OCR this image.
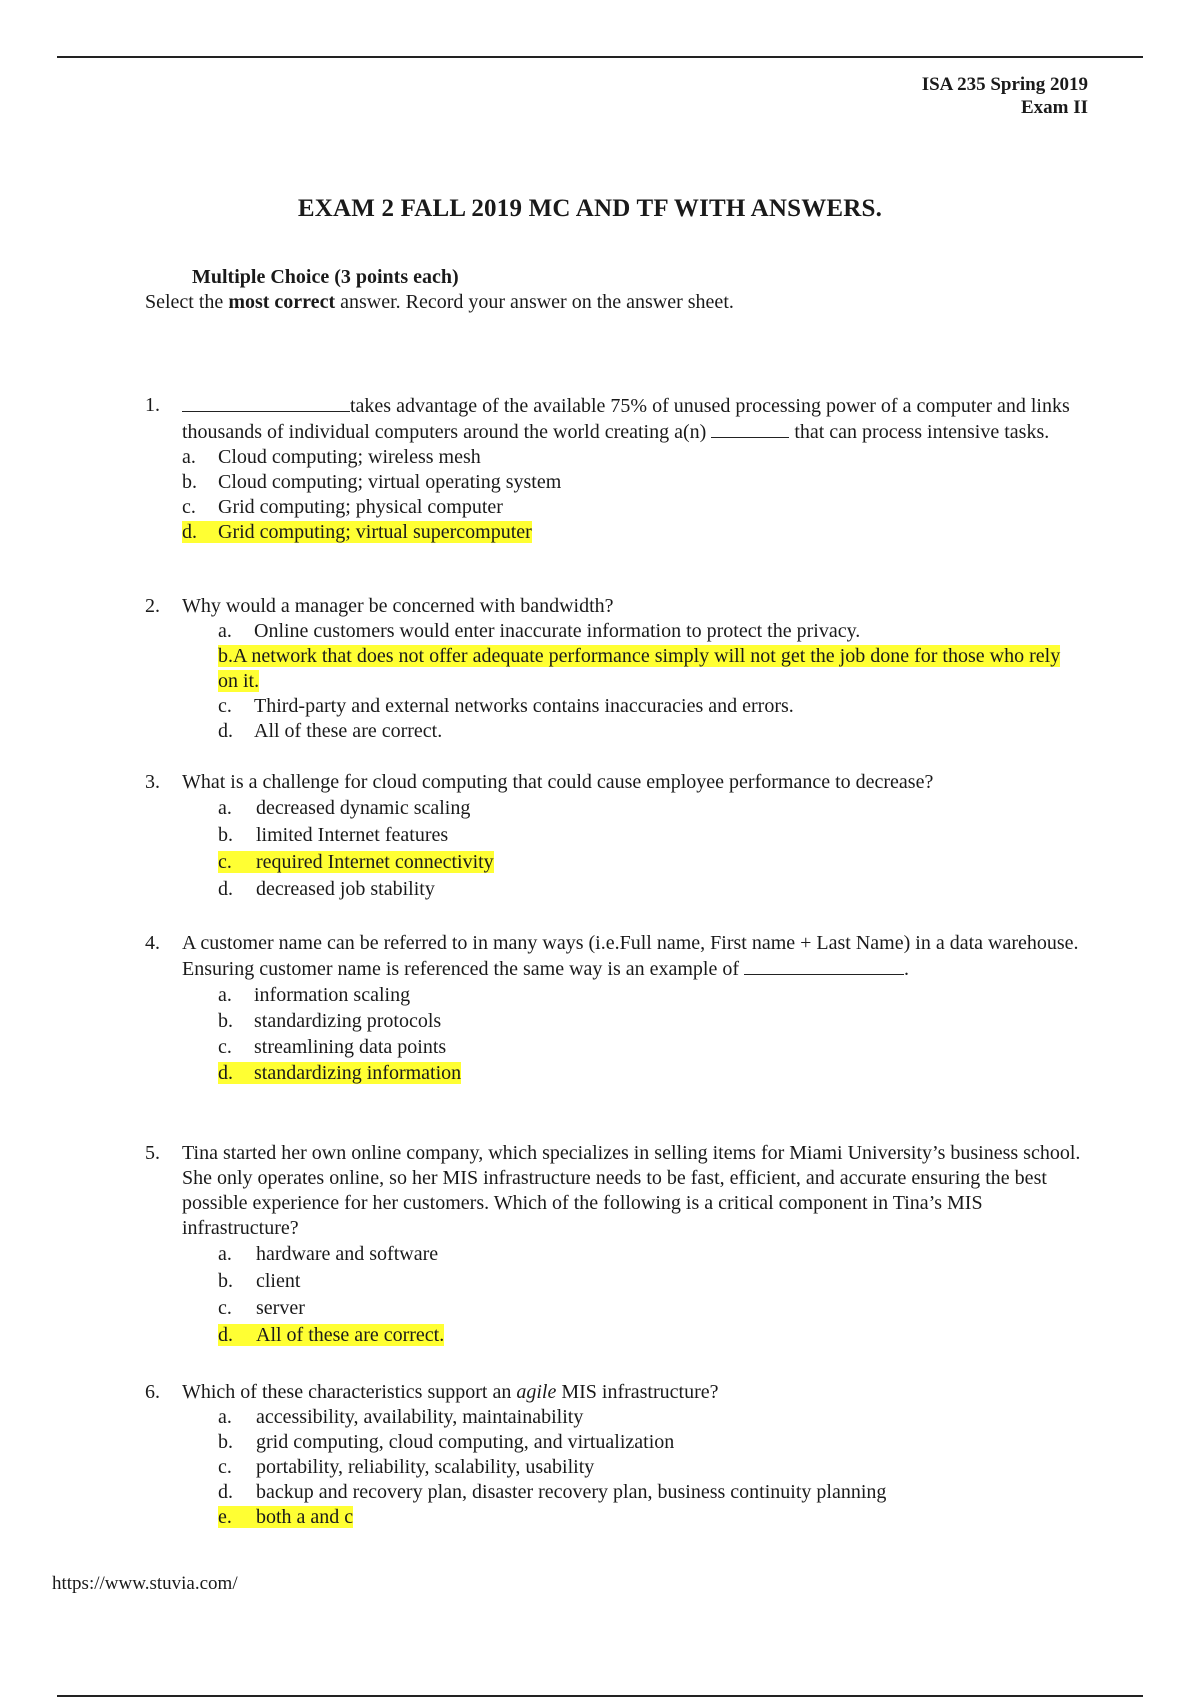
ISA 235 Spring 2019
Exam II
EXAM 2 FALL 2019 MC AND TF WITH ANSWERS.
Multiple Choice (3 points each)
Select the most correct answer. Record your answer on the answer sheet.
1.	takes advantage of the available 75% of unused processing power of a computer and links thousands of individual computers around the world creating a(n)	that can process intensive tasks.
a. Cloud computing; wireless mesh
b. Cloud computing; virtual operating system
c. Grid computing; physical computer
d. Grid computing; virtual supercomputer
2. Why would a manager be concerned with bandwidth?
a. Online customers would enter inaccurate information to protect the privacy.
b.A network that does not offer adequate performance simply will not get the job done for those who rely on it.
c. Third-party and external networks contains inaccuracies and errors.
d. All of these are correct.
3. What is a challenge for cloud computing that could cause employee performance to decrease?
a. decreased dynamic scaling
b. limited Internet features
c. required Internet connectivity
d. decreased job stability
4. A customer name can be referred to in many ways (i.e.Full name, First name + Last Name) in a data warehouse. Ensuring customer name is referenced the same way is an example of	.
a. information scaling
b. standardizing protocols
c. streamlining data points
d. standardizing information
5. Tina started her own online company, which specializes in selling items for Miami University’s business school. She only operates online, so her MIS infrastructure needs to be fast, efficient, and accurate ensuring the best possible experience for her customers. Which of the following is a critical component in Tina’s MIS infrastructure?
a. hardware and software
b. client
c. server
d. All of these are correct.
6. Which of these characteristics support an agile MIS infrastructure?
a. accessibility, availability, maintainability
b. grid computing, cloud computing, and virtualization
c. portability, reliability, scalability, usability
d. backup and recovery plan, disaster recovery plan, business continuity planning
e. both a and c
https://www.stuvia.com/
